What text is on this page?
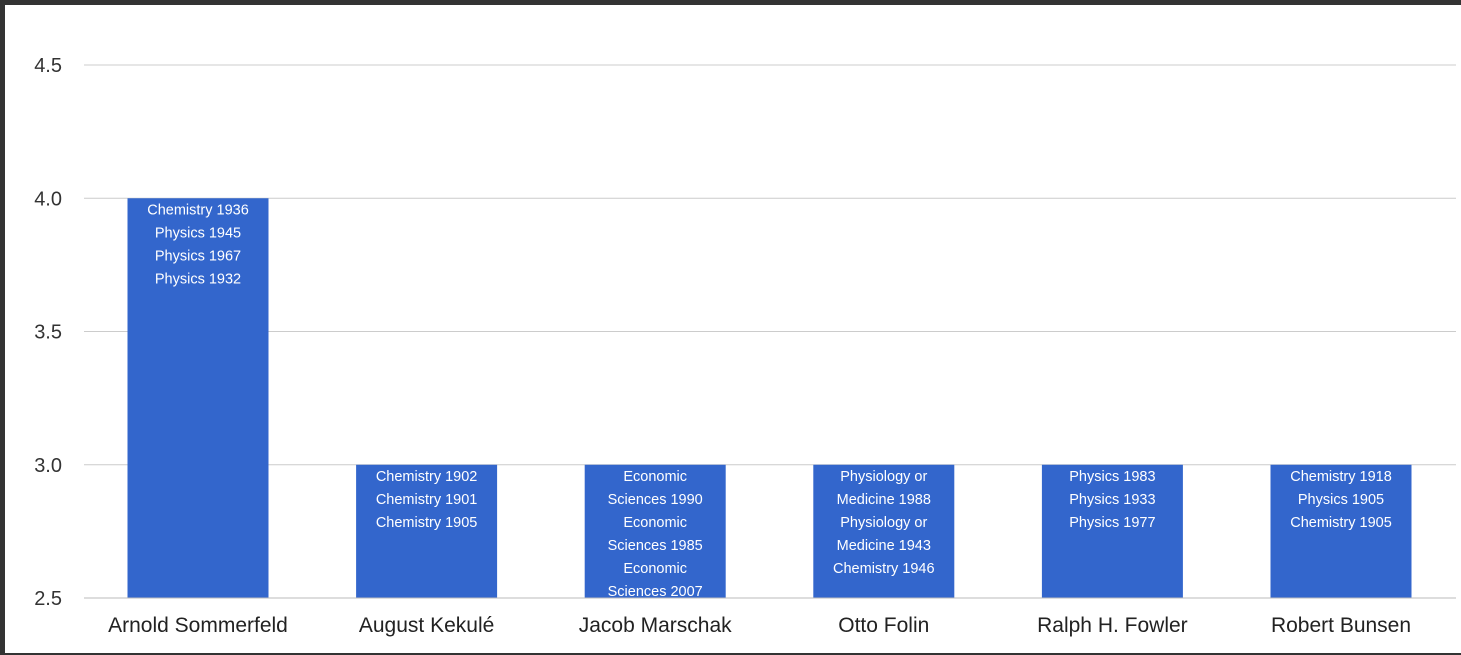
2.5
3.0
3.5
4.0
4.5
Arnold Sommerfeld
Chemistry 1936
Physics 1945
Physics 1967
Physics 1932
August Kekulé
Chemistry 1902
Chemistry 1901
Chemistry 1905
Jacob Marschak
Economic
Sciences 1990
Economic
Sciences 1985
Economic
Sciences 2007
Otto Folin
Physiology or
Medicine 1988
Physiology or
Medicine 1943
Chemistry 1946
Ralph H. Fowler
Physics 1983
Physics 1933
Physics 1977
Robert Bunsen
Chemistry 1918
Physics 1905
Chemistry 1905
